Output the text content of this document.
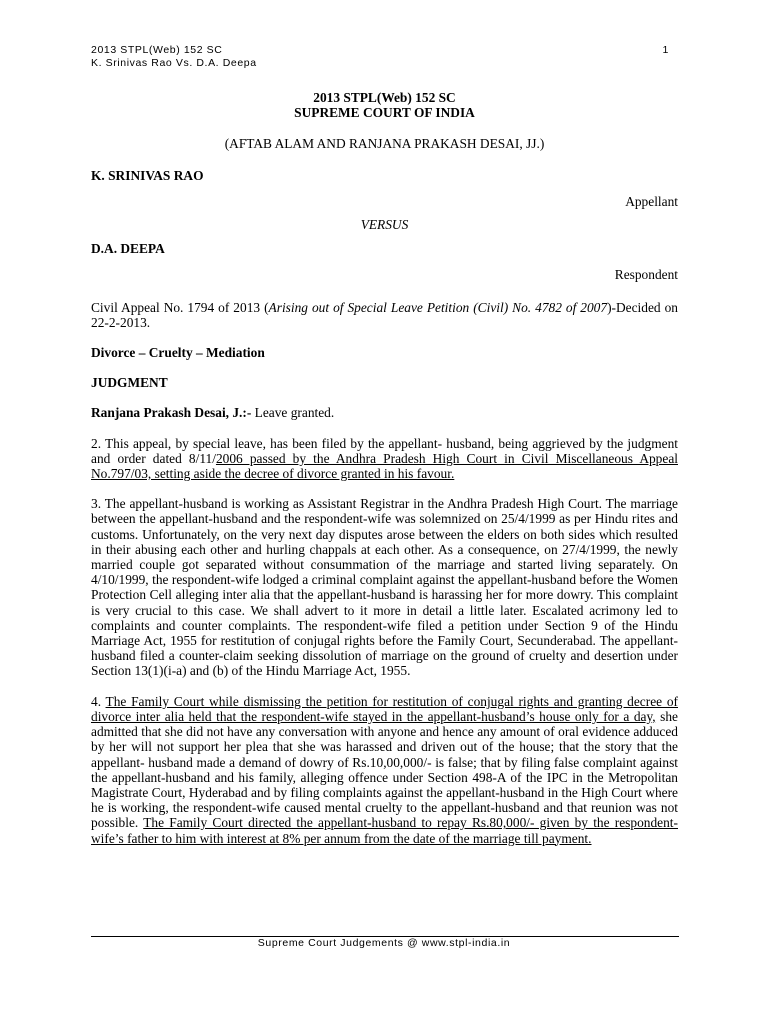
2013 STPL(Web) 152 SC
K. Srinivas Rao Vs. D.A. Deepa
1

2013 STPL(Web) 152 SC

SUPREME COURT OF INDIA

(AFTAB ALAM AND RANJANA PRAKASH DESAI, JJ.)

K. SRINIVAS RAO

Appellant

VERSUS

D.A. DEEPA

Respondent

Civil Appeal No. 1794 of 2013 (Arising out of Special Leave Petition (Civil) No. 4782 of 2007)-Decided on 22-2-2013.

Divorce – Cruelty – Mediation

JUDGMENT

Ranjana Prakash Desai, J.:- Leave granted.

2. This appeal, by special leave, has been filed by the appellant- husband, being aggrieved by the judgment and order dated 8/11/2006 passed by the Andhra Pradesh High Court in Civil Miscellaneous Appeal No.797/03, setting aside the decree of divorce granted in his favour.

3. The appellant-husband is working as Assistant Registrar in the Andhra Pradesh High Court. The marriage between the appellant-husband and the respondent-wife was solemnized on 25/4/1999 as per Hindu rites and customs. Unfortunately, on the very next day disputes arose between the elders on both sides which resulted in their abusing each other and hurling chappals at each other. As a consequence, on 27/4/1999, the newly married couple got separated without consummation of the marriage and started living separately. On 4/10/1999, the respondent-wife lodged a criminal complaint against the appellant-husband before the Women Protection Cell alleging inter alia that the appellant-husband is harassing her for more dowry. This complaint is very crucial to this case. We shall advert to it more in detail a little later. Escalated acrimony led to complaints and counter complaints. The respondent-wife filed a petition under Section 9 of the Hindu Marriage Act, 1955 for restitution of conjugal rights before the Family Court, Secunderabad. The appellant-husband filed a counter-claim seeking dissolution of marriage on the ground of cruelty and desertion under Section 13(1)(i-a) and (b) of the Hindu Marriage Act, 1955.

4. The Family Court while dismissing the petition for restitution of conjugal rights and granting decree of divorce inter alia held that the respondent-wife stayed in the appellant-husband’s house only for a day, she admitted that she did not have any conversation with anyone and hence any amount of oral evidence adduced by her will not support her plea that she was harassed and driven out of the house; that the story that the appellant- husband made a demand of dowry of Rs.10,00,000/- is false; that by filing false complaint against the appellant-husband and his family, alleging offence under Section 498-A of the IPC in the Metropolitan Magistrate Court, Hyderabad and by filing complaints against the appellant-husband in the High Court where he is working, the respondent-wife caused mental cruelty to the appellant-husband and that reunion was not possible. The Family Court directed the appellant-husband to repay Rs.80,000/- given by the respondent-wife’s father to him with interest at 8% per annum from the date of the marriage till payment.

Supreme Court Judgements @ www.stpl-india.in
